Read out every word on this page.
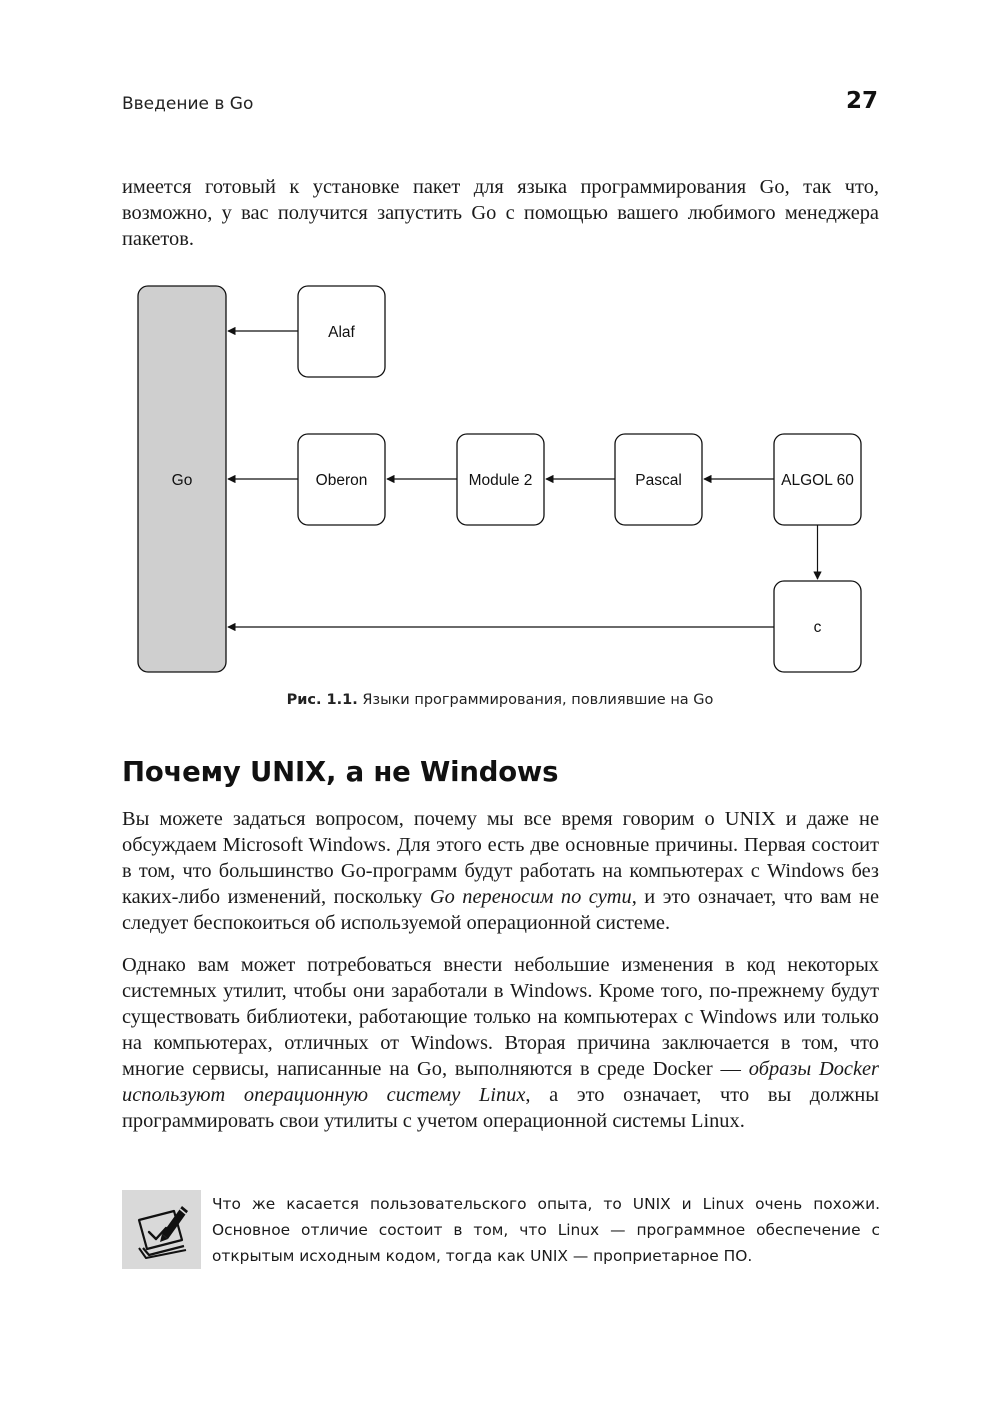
Введение в Go	27

имеется готовый к установке пакет для языка программирования Go, так что, возможно, у вас получится запустить Go с помощью вашего любимого менеджера пакетов.

Go
Alaf
Oberon	Module 2	Pascal	ALGOL 60
c
Рис. 1.1. Языки программирования, повлиявшие на Go
Почему UNIX, а не Windows

Вы можете задаться вопросом, почему мы все время говорим о UNIX и даже не обсуждаем Microsoft Windows. Для этого есть две основные причины. Первая состоит в том, что большинство Go-программ будут работать на компьютерах с Windows без каких-либо изменений, поскольку Go переносим по сути, и это означает, что вам не следует беспокоиться об используемой операционной системе.

Однако вам может потребоваться внести небольшие изменения в код некоторых системных утилит, чтобы они заработали в Windows. Кроме того, по-прежнему будут существовать библиотеки, работающие только на компьютерах с Windows или только на компьютерах, отличных от Windows. Вторая причина заключается в том, что многие сервисы, написанные на Go, выполняются в среде Docker — образы Docker используют операционную систему Linux, а это означает, что вы должны программировать свои утилиты с учетом операционной системы Linux.

Что же касается пользовательского опыта, то UNIX и Linux очень похожи. Основное отличие состоит в том, что Linux — программное обеспечение с открытым исходным кодом, тогда как UNIX — проприетарное ПО.
